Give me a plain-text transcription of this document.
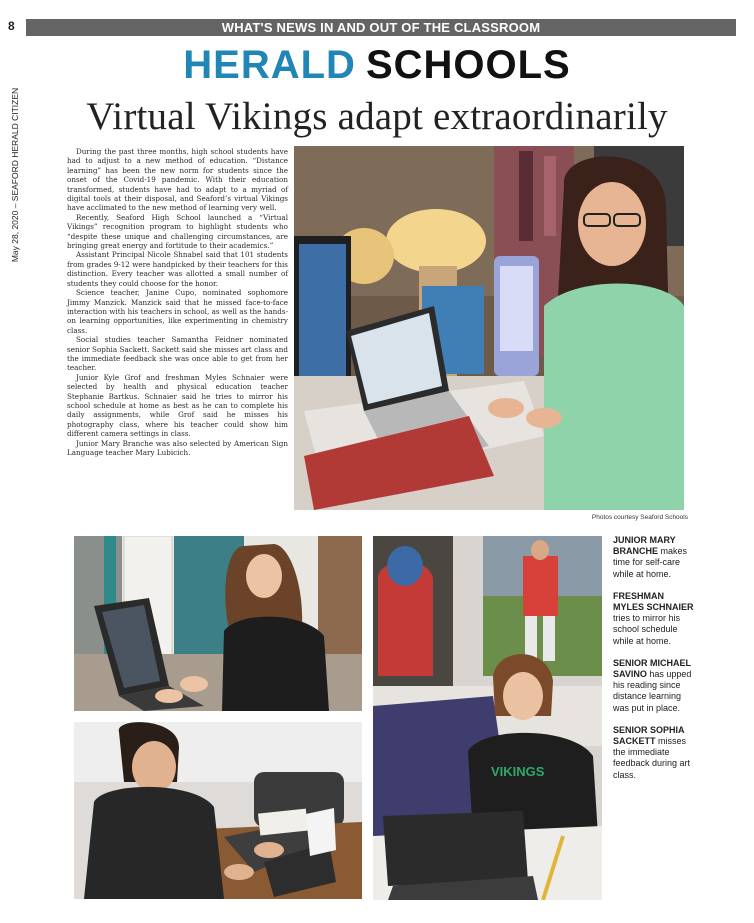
8	WHAT'S NEWS IN AND OUT OF THE CLASSROOM
May 28, 2020 – SEAFORD HERALD CITIZEN
HERALD SCHOOLS
Virtual Vikings adapt extraordinarily

During the past three months, high school students have had to adjust to a new method of education. “Distance learning” has been the new norm for students since the onset of the Covid-19 pandemic. With their education transformed, students have had to adapt to a myriad of digital tools at their disposal, and Seaford’s virtual Vikings have acclimated to the new method of learning very well.

Recently, Seaford High School launched a “Virtual Vikings” recognition program to highlight students who “despite these unique and challenging circumstances, are bringing great energy and fortitude to their academics.”

Assistant Principal Nicole Shnabel said that 101 students from grades 9-12 were handpicked by their teachers for this distinction. Every teacher was allotted a small number of students they could choose for the honor.

Science teacher, Janine Cupo, nominated sophomore Jimmy Manzick. Manzick said that he missed face-to-face interaction with his teachers in school, as well as the hands-on learning opportunities, like experimenting in chemistry class.

Social studies teacher Samantha Feidner nominated senior Sophia Sackett. Sackett said she misses art class and the immediate feedback she was once able to get from her teacher.

Junior Kyle Grof and freshman Myles Schnaier were selected by health and physical education teacher Stephanie Bartkus. Schnaier said he tries to mirror his school schedule at home as best as he can to complete his daily assignments, while Grof said he misses his photography class, where his teacher could show him different camera settings in class.

Junior Mary Branche was also selected by American Sign Language teacher Mary Lubicich.

Photos courtesy Seaford Schools
VIKINGS
JUNIOR MARY BRANCHE makes time for self-care while at home.
FRESHMAN MYLES SCHNAIER tries to mirror his school schedule while at home.
SENIOR MICHAEL SAVINO has upped his reading since distance learning was put in place.
SENIOR SOPHIA SACKETT misses the immediate feedback during art class.
